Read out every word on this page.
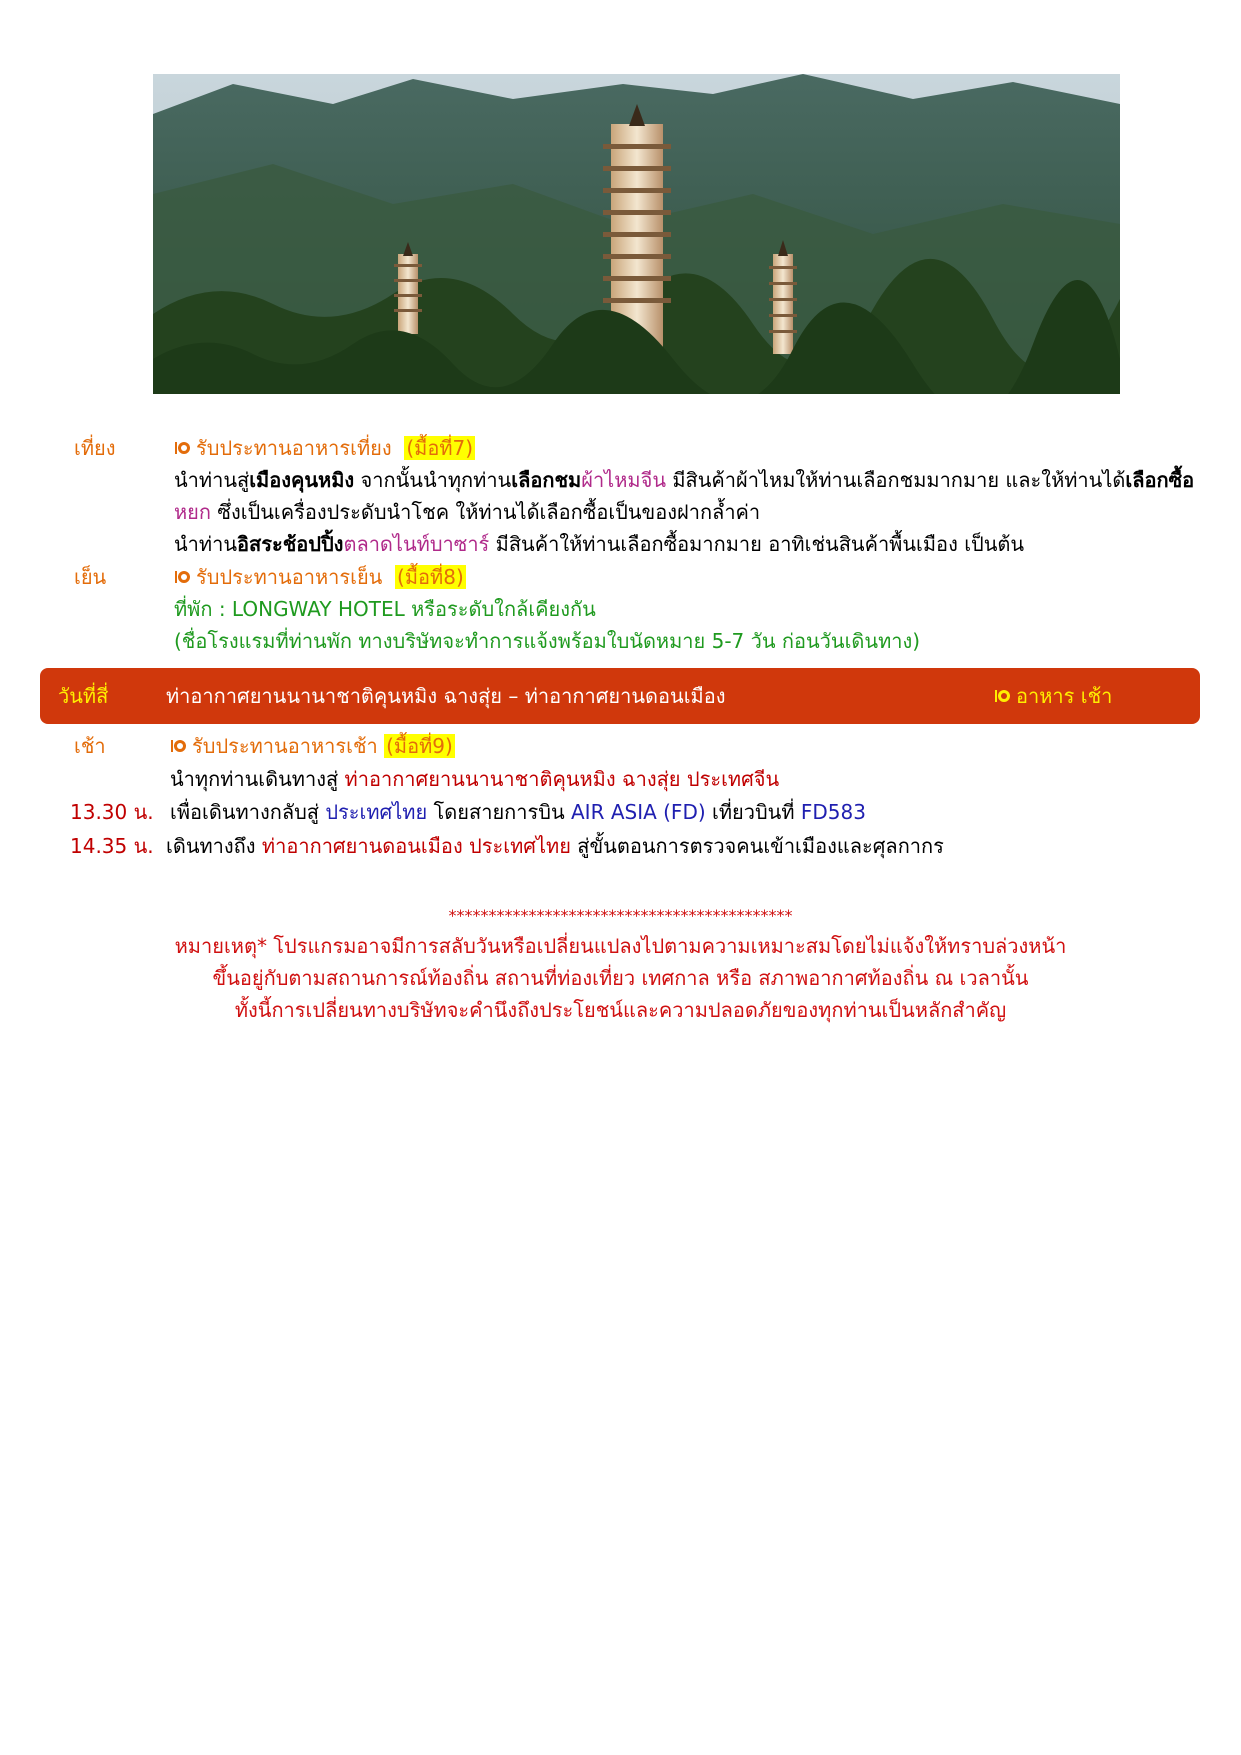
เที่ยง	รับประทานอาหารเที่ยง (มื้อที่7)
นำท่านสู่เมืองคุนหมิง จากนั้นนำทุกท่านเลือกชมผ้าไหมจีน มีสินค้าผ้าไหมให้ท่านเลือกชมมากมาย และให้ท่านได้เลือกซื้อ
หยก ซึ่งเป็นเครื่องประดับนำโชค ให้ท่านได้เลือกซื้อเป็นของฝากล้ำค่า
นำท่านอิสระช้อปปิ้งตลาดไนท์บาซาร์ มีสินค้าให้ท่านเลือกซื้อมากมาย อาทิเช่นสินค้าพื้นเมือง เป็นต้น
เย็น	รับประทานอาหารเย็น (มื้อที่8)
ที่พัก : LONGWAY HOTEL หรือระดับใกล้เคียงกัน
(ชื่อโรงแรมที่ท่านพัก ทางบริษัทจะทำการแจ้งพร้อมใบนัดหมาย 5-7 วัน ก่อนวันเดินทาง)
วันที่สี่	ท่าอากาศยานนานาชาติคุนหมิง ฉางสุ่ย – ท่าอากาศยานดอนเมือง	อาหาร เช้า
เช้า	รับประทานอาหารเช้า (มื้อที่9)
นำทุกท่านเดินทางสู่ ท่าอากาศยานนานาชาติคุนหมิง ฉางสุ่ย ประเทศจีน
13.30 น. เพื่อเดินทางกลับสู่ ประเทศไทย โดยสายการบิน AIR ASIA (FD) เที่ยวบินที่ FD583
14.35 น. เดินทางถึง ท่าอากาศยานดอนเมือง ประเทศไทย สู่ขั้นตอนการตรวจคนเข้าเมืองและศุลกากร
*******************************************
หมายเหตุ* โปรแกรมอาจมีการสลับวันหรือเปลี่ยนแปลงไปตามความเหมาะสมโดยไม่แจ้งให้ทราบล่วงหน้า
ขึ้นอยู่กับตามสถานการณ์ท้องถิ่น สถานที่ท่องเที่ยว เทศกาล หรือ สภาพอากาศท้องถิ่น ณ เวลานั้น
ทั้งนี้การเปลี่ยนทางบริษัทจะคำนึงถึงประโยชน์และความปลอดภัยของทุกท่านเป็นหลักสำคัญ
